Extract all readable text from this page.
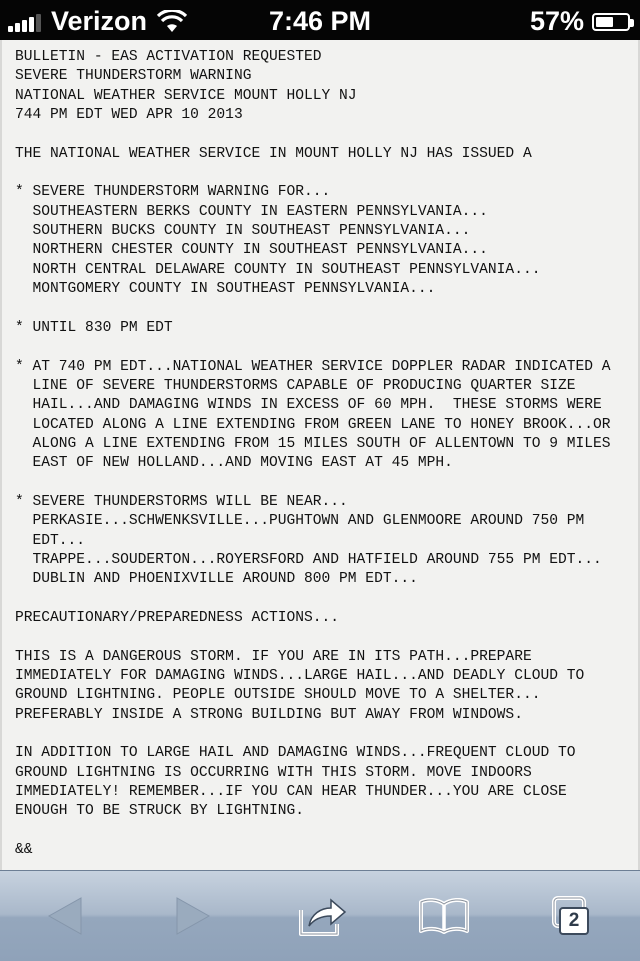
Verizon	7:46 PM	57%
BULLETIN - EAS ACTIVATION REQUESTED
SEVERE THUNDERSTORM WARNING
NATIONAL WEATHER SERVICE MOUNT HOLLY NJ
744 PM EDT WED APR 10 2013

THE NATIONAL WEATHER SERVICE IN MOUNT HOLLY NJ HAS ISSUED A

* SEVERE THUNDERSTORM WARNING FOR...
SOUTHEASTERN BERKS COUNTY IN EASTERN PENNSYLVANIA...
SOUTHERN BUCKS COUNTY IN SOUTHEAST PENNSYLVANIA...
NORTHERN CHESTER COUNTY IN SOUTHEAST PENNSYLVANIA...
NORTH CENTRAL DELAWARE COUNTY IN SOUTHEAST PENNSYLVANIA...
MONTGOMERY COUNTY IN SOUTHEAST PENNSYLVANIA...

* UNTIL 830 PM EDT

* AT 740 PM EDT...NATIONAL WEATHER SERVICE DOPPLER RADAR INDICATED A
LINE OF SEVERE THUNDERSTORMS CAPABLE OF PRODUCING QUARTER SIZE
HAIL...AND DAMAGING WINDS IN EXCESS OF 60 MPH.  THESE STORMS WERE
LOCATED ALONG A LINE EXTENDING FROM GREEN LANE TO HONEY BROOK...OR
ALONG A LINE EXTENDING FROM 15 MILES SOUTH OF ALLENTOWN TO 9 MILES
EAST OF NEW HOLLAND...AND MOVING EAST AT 45 MPH.

* SEVERE THUNDERSTORMS WILL BE NEAR...
PERKASIE...SCHWENKSVILLE...PUGHTOWN AND GLENMOORE AROUND 750 PM
EDT...
TRAPPE...SOUDERTON...ROYERSFORD AND HATFIELD AROUND 755 PM EDT...
DUBLIN AND PHOENIXVILLE AROUND 800 PM EDT...

PRECAUTIONARY/PREPAREDNESS ACTIONS...

THIS IS A DANGEROUS STORM. IF YOU ARE IN ITS PATH...PREPARE
IMMEDIATELY FOR DAMAGING WINDS...LARGE HAIL...AND DEADLY CLOUD TO
GROUND LIGHTNING. PEOPLE OUTSIDE SHOULD MOVE TO A SHELTER...
PREFERABLY INSIDE A STRONG BUILDING BUT AWAY FROM WINDOWS.

IN ADDITION TO LARGE HAIL AND DAMAGING WINDS...FREQUENT CLOUD TO
GROUND LIGHTNING IS OCCURRING WITH THIS STORM. MOVE INDOORS
IMMEDIATELY! REMEMBER...IF YOU CAN HEAR THUNDER...YOU ARE CLOSE
ENOUGH TO BE STRUCK BY LIGHTNING.

&&

2
